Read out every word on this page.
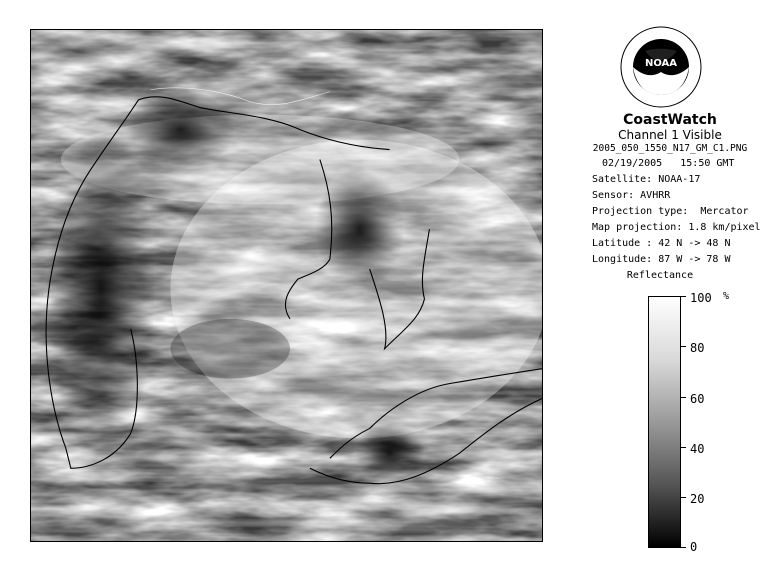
NOAA
CoastWatch
Channel 1 Visible
2005_050_1550_N17_GM_C1.PNG
02/19/2005   15:50 GMT
Satellite: NOAA-17
Sensor: AVHRR
Projection type:  Mercator
Map projection: 1.8 km/pixel
Latitude : 42 N -> 48 N
Longitude: 87 W -> 78 W
Reflectance
%
100
80
60
40
20
0
